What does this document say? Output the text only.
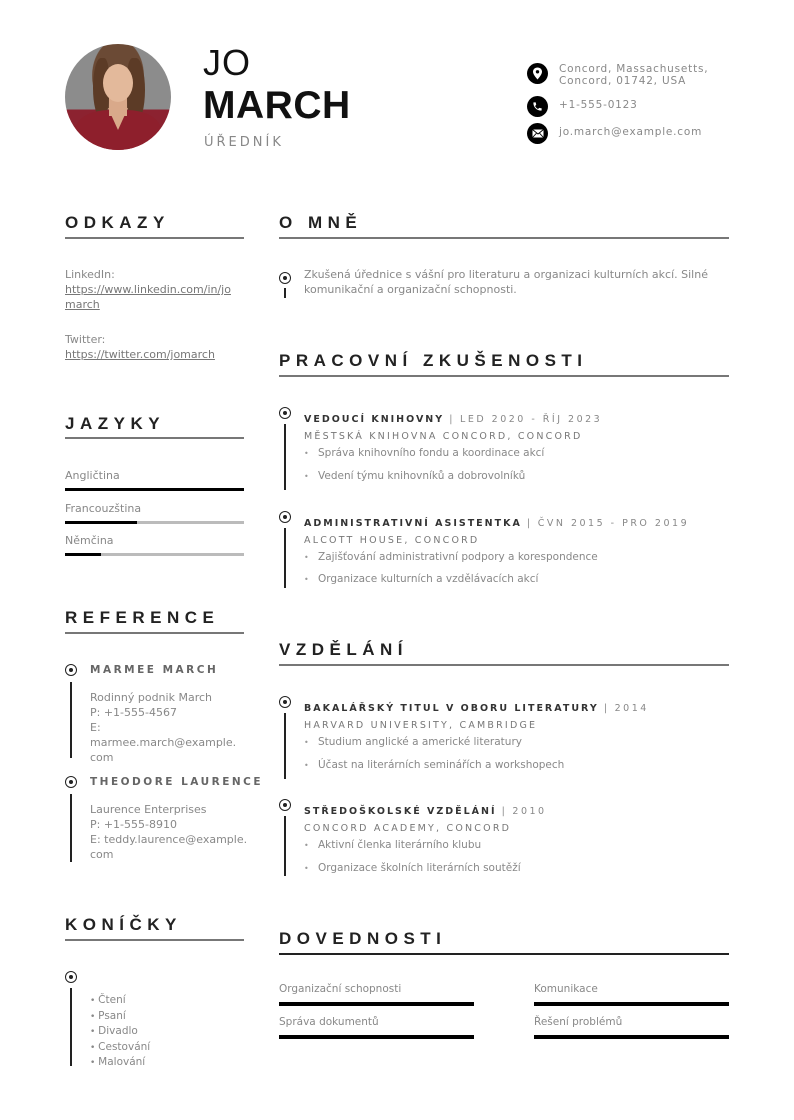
JO
MARCH
ÚŘEDNÍK
Concord, Massachusetts,
Concord, 01742, USA
+1-555-0123
jo.march@example.com
ODKAZY
LinkedIn:
https://www.linkedin.com/in/jo
march
Twitter:
https://twitter.com/jomarch
JAZYKY
Angličtina
Francouzština
Němčina
REFERENCE
MARMEE MARCH
Rodinný podnik March
P: +1-555-4567
E: marmee.march@example.
com
THEODORE LAURENCE
Laurence Enterprises
P: +1-555-8910
E: teddy.laurence@example.
com
KONÍČKY
• Čtení
• Psaní
• Divadlo
• Cestování
• Malování
O MNĚ
Zkušená úřednice s vášní pro literaturu a organizaci kulturních akcí. Silné
komunikační a organizační schopnosti.
PRACOVNÍ ZKUŠENOSTI
VEDOUCÍ KNIHOVNY | LED 2020 - ŘÍJ 2023
MĚSTSKÁ KNIHOVNA CONCORD, CONCORD
• Správa knihovního fondu a koordinace akcí
• Vedení týmu knihovníků a dobrovolníků
ADMINISTRATIVNÍ ASISTENTKA | ČVN 2015 - PRO 2019
ALCOTT HOUSE, CONCORD
• Zajišťování administrativní podpory a korespondence
• Organizace kulturních a vzdělávacích akcí
VZDĚLÁNÍ
BAKALÁŘSKÝ TITUL V OBORU LITERATURY | 2014
HARVARD UNIVERSITY, CAMBRIDGE
• Studium anglické a americké literatury
• Účast na literárních seminářích a workshopech
STŘEDOŠKOLSKÉ VZDĚLÁNÍ | 2010
CONCORD ACADEMY, CONCORD
• Aktivní členka literárního klubu
• Organizace školních literárních soutěží
DOVEDNOSTI
Organizační schopnosti	Komunikace
Správa dokumentů	Řešení problémů
